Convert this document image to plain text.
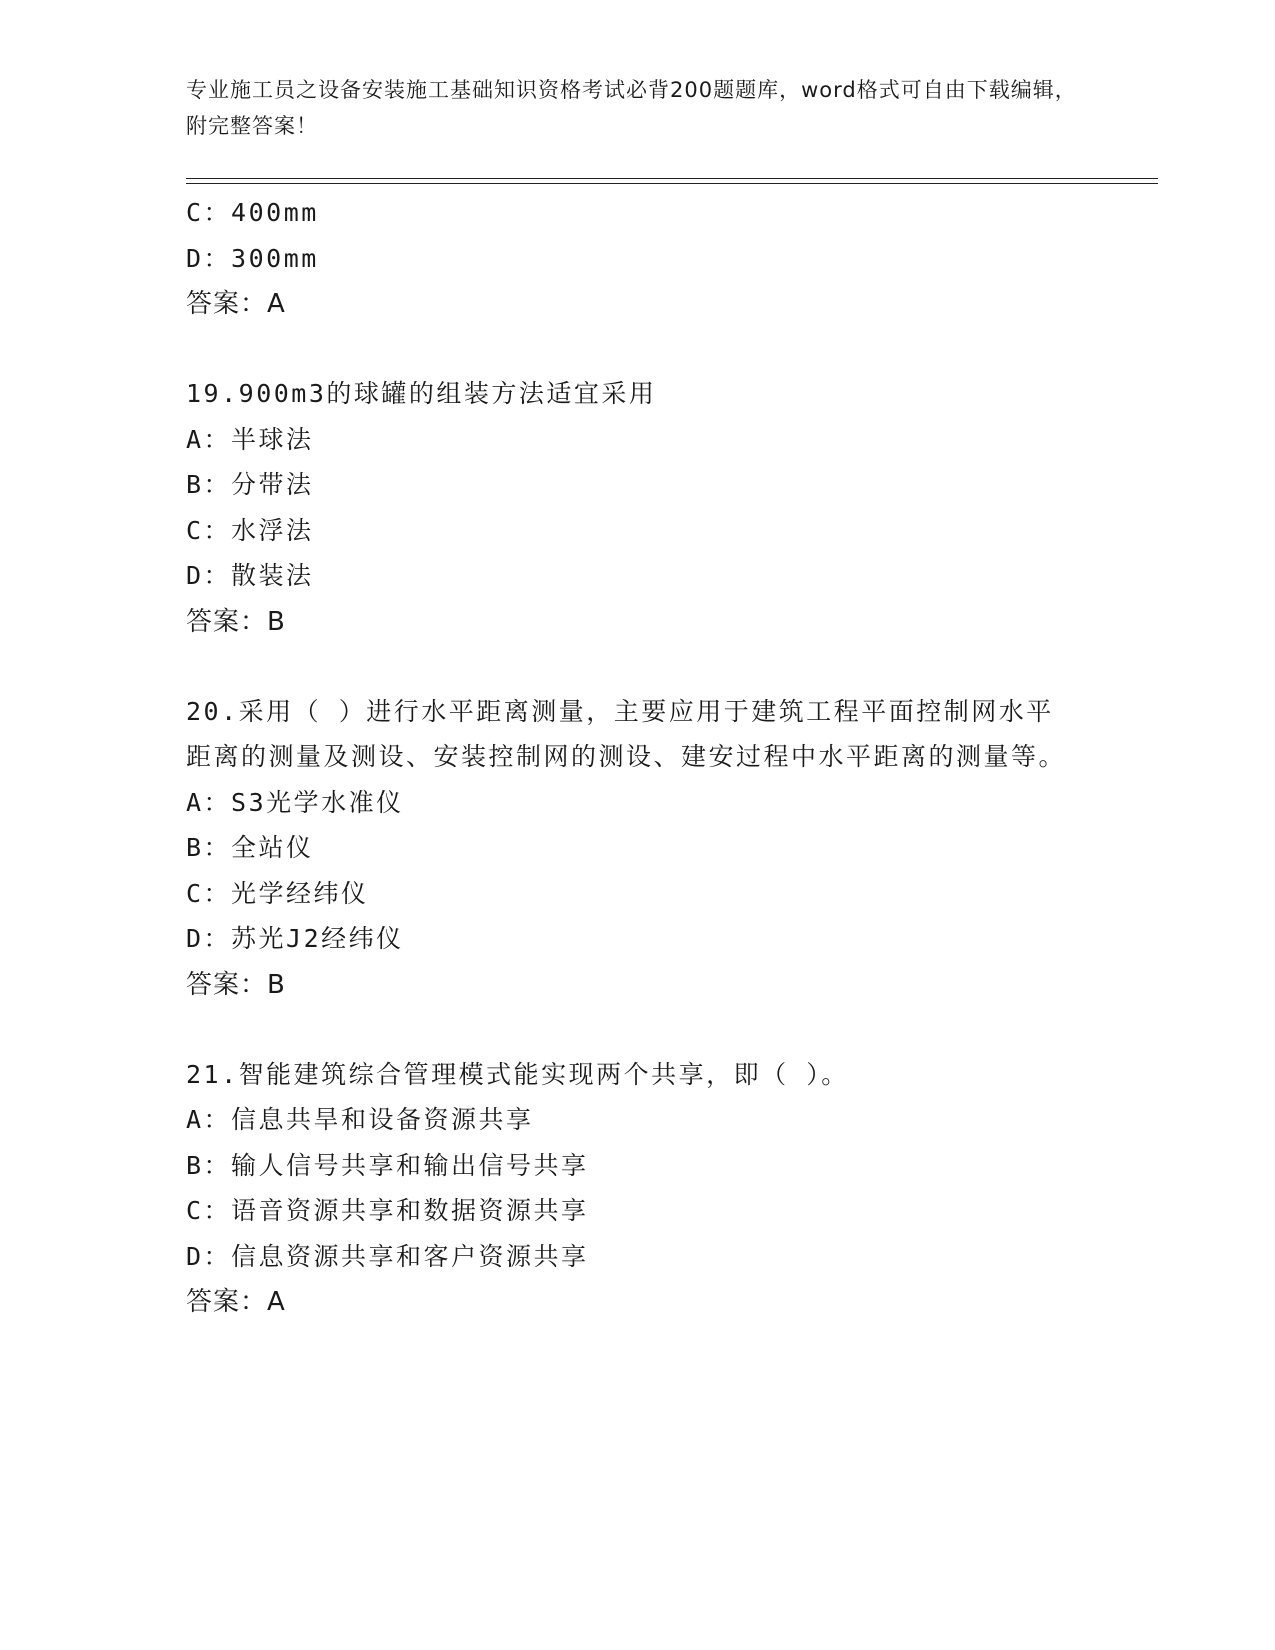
专业施工员之设备安装施工基础知识资格考试必背200题题库，word格式可自由下载编辑，附完整答案！
C：400mm
D：300mm
答案：A
19.900m3的球罐的组装方法适宜采用
A：半球法
B：分带法
C：水浮法
D：散装法
答案：B
20.采用（ ）进行水平距离测量，主要应用于建筑工程平面控制网水平距离的测量及测设、安装控制网的测设、建安过程中水平距离的测量等。
A：S3光学水准仪
B：全站仪
C：光学经纬仪
D：苏光J2经纬仪
答案：B
21.智能建筑综合管理模式能实现两个共享，即（ ）。
A：信息共旱和设备资源共享
B：输人信号共享和输出信号共享
C：语音资源共享和数据资源共享
D：信息资源共享和客户资源共享
答案：A
